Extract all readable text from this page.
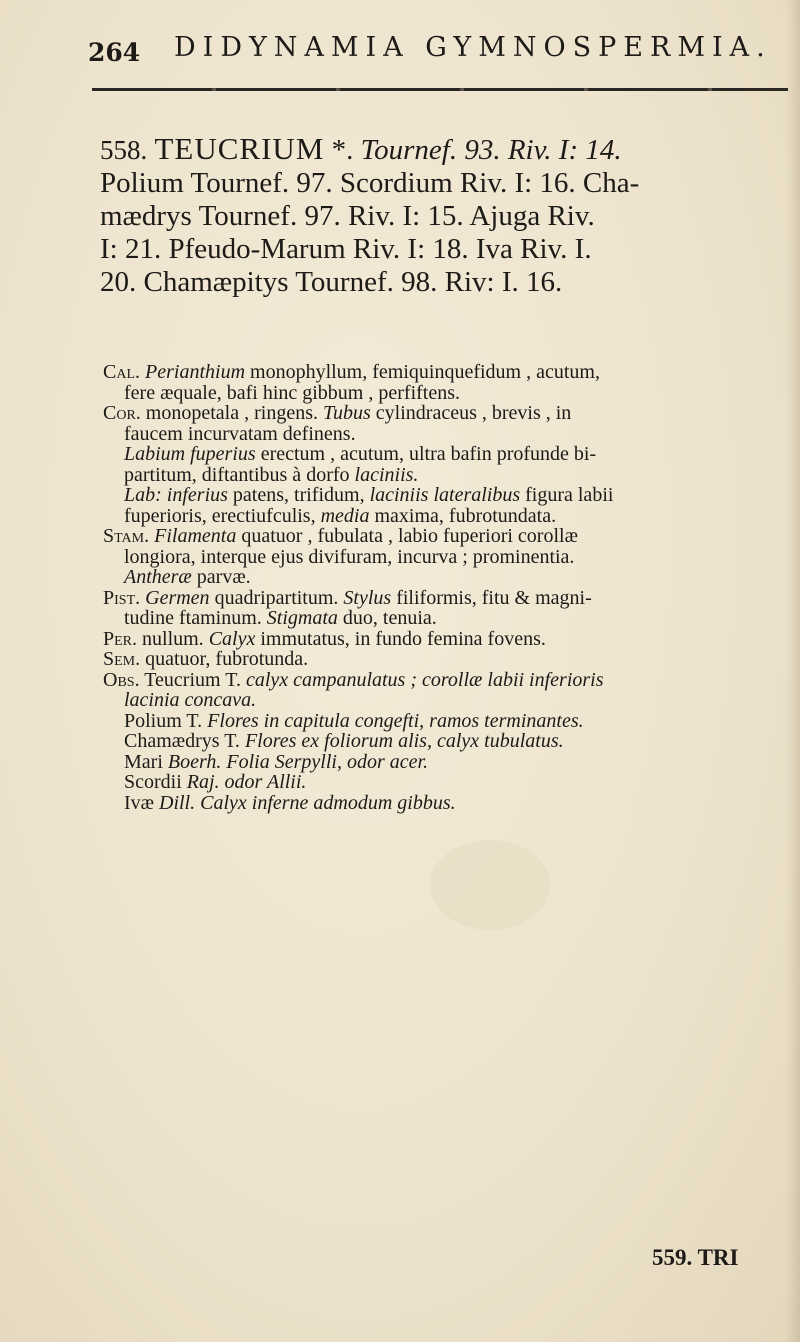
264 DIDYNAMIA GYMNOSPERMIA.

558. TEUCRIUM *. Tournef. 93. Riv. I: 14.

Polium Tournef. 97. Scordium Riv. I: 16. Cha-

mædrys Tournef. 97. Riv. I: 15. Ajuga Riv.

I: 21. Pfeudo-Marum Riv. I: 18. Iva Riv. I.

20. Chamæpitys Tournef. 98. Riv: I. 16.

Cal. Perianthium monophyllum, femiquinquefidum , acutum,
fere æquale, bafi hinc gibbum , perfiftens.
Cor. monopetala , ringens. Tubus cylindraceus , brevis , in
faucem incurvatam definens.
Labium fuperius erectum , acutum, ultra bafin profunde bi-
partitum, diftantibus à dorfo laciniis.
Lab: inferius patens, trifidum, laciniis lateralibus figura labii
fuperioris, erectiufculis, media maxima, fubrotundata.
Stam. Filamenta quatuor , fubulata , labio fuperiori corollæ
longiora, interque ejus divifuram, incurva ; prominentia.
Antheræ parvæ.
Pist. Germen quadripartitum. Stylus filiformis, fitu & magni-
tudine ftaminum. Stigmata duo, tenuia.
Per. nullum. Calyx immutatus, in fundo femina fovens.
Sem. quatuor, fubrotunda.
Obs. Teucrium T. calyx campanulatus ; corollæ labii inferioris
lacinia concava.
Polium T. Flores in capitula congefti, ramos terminantes.
Chamædrys T. Flores ex foliorum alis, calyx tubulatus.
Mari Boerh. Folia Serpylli, odor acer.
Scordii Raj. odor Allii.
Ivæ Dill. Calyx inferne admodum gibbus.
559. TRI
